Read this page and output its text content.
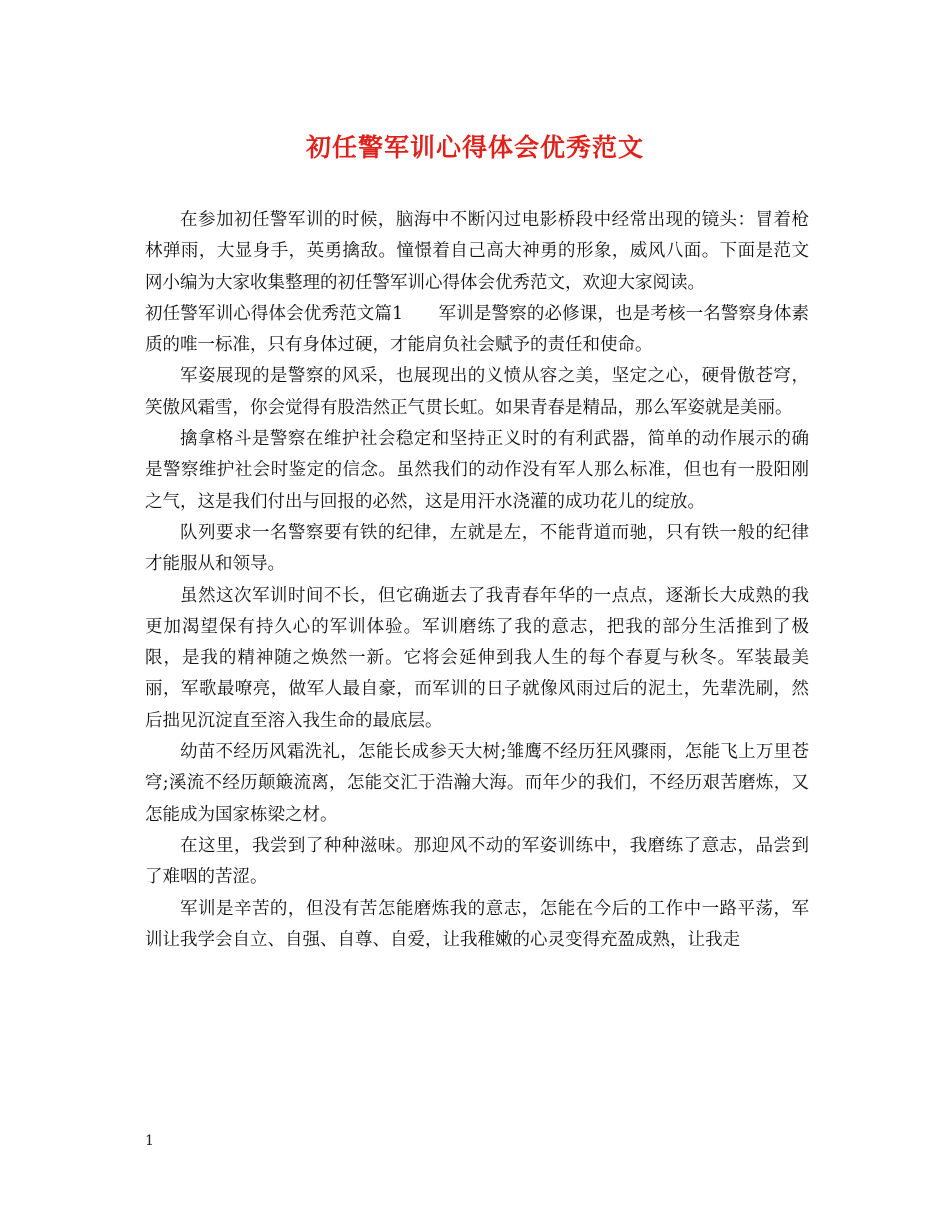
初任警军训心得体会优秀范文

在参加初任警军训的时候，脑海中不断闪过电影桥段中经常出现的镜头：冒着枪林弹雨，大显身手，英勇擒敌。憧憬着自己高大神勇的形象，威风八面。下面是范文网小编为大家收集整理的初任警军训心得体会优秀范文，欢迎大家阅读。

初任警军训心得体会优秀范文篇1　　军训是警察的必修课，也是考核一名警察身体素质的唯一标准，只有身体过硬，才能肩负社会赋予的责任和使命。

军姿展现的是警察的风采，也展现出的义愤从容之美，坚定之心，硬骨傲苍穹，笑傲风霜雪，你会觉得有股浩然正气贯长虹。如果青春是精品，那么军姿就是美丽。

擒拿格斗是警察在维护社会稳定和坚持正义时的有利武器，简单的动作展示的确是警察维护社会时鉴定的信念。虽然我们的动作没有军人那么标准，但也有一股阳刚之气，这是我们付出与回报的必然，这是用汗水浇灌的成功花儿的绽放。

队列要求一名警察要有铁的纪律，左就是左，不能背道而驰，只有铁一般的纪律才能服从和领导。

虽然这次军训时间不长，但它确逝去了我青春年华的一点点，逐渐长大成熟的我更加渴望保有持久心的军训体验。军训磨练了我的意志，把我的部分生活推到了极限，是我的精神随之焕然一新。它将会延伸到我人生的每个春夏与秋冬。军装最美丽，军歌最嘹亮，做军人最自豪，而军训的日子就像风雨过后的泥土，先辈洗刷，然后拙见沉淀直至溶入我生命的最底层。

幼苗不经历风霜洗礼，怎能长成参天大树;雏鹰不经历狂风骤雨，怎能飞上万里苍穹;溪流不经历颠簸流离，怎能交汇于浩瀚大海。而年少的我们，不经历艰苦磨炼，又怎能成为国家栋梁之材。

在这里，我尝到了种种滋味。那迎风不动的军姿训练中，我磨练了意志，品尝到了难咽的苦涩。

军训是辛苦的，但没有苦怎能磨炼我的意志，怎能在今后的工作中一路平荡，军训让我学会自立、自强、自尊、自爱，让我稚嫩的心灵变得充盈成熟，让我走

1
